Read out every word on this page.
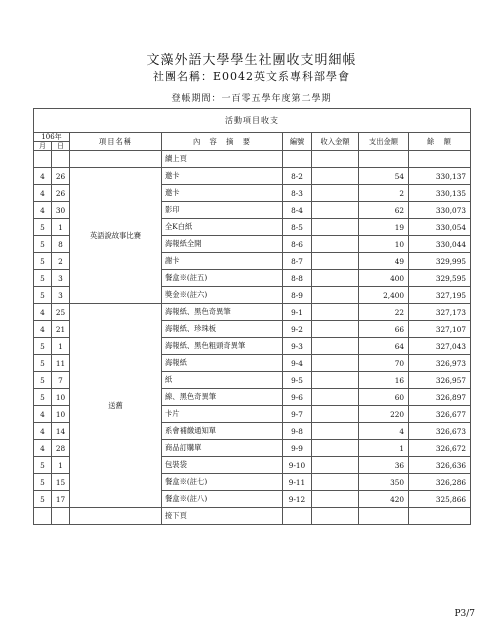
文藻外語大學學生社團收支明細帳
社團名稱：E0042英文系專科部學會
登帳期間：一百零五學年度第二學期
活動項目收支							
106年		項目名稱	內　容　摘　要	編號	收入金額	支出金額	餘　額
月	日						
			續上頁				
4	26	英語說故事比賽	邀卡	8-2		54	330,137
4	26		邀卡	8-3		2	330,135
4	30		影印	8-4		62	330,073
5	1		全K白紙	8-5		19	330,054
5	8		海報紙全開	8-6		10	330,044
5	2		謝卡	8-7		49	329,995
5	3		餐盒※(註五)	8-8		400	329,595
5	3		獎金※(註六)	8-9		2,400	327,195
4	25	送舊	海報紙、黑色奇異筆	9-1		22	327,173
4	21		海報紙、珍珠板	9-2		66	327,107
5	1		海報紙、黑色粗頭奇異筆	9-3		64	327,043
5	11		海報紙	9-4		70	326,973
5	7		紙	9-5		16	326,957
5	10		線、黑色奇異筆	9-6		60	326,897
4	10		卡片	9-7		220	326,677
4	14		系會補繳通知單	9-8		4	326,673
4	28		商品訂購單	9-9		1	326,672
5	1		包裝袋	9-10		36	326,636
5	15		餐盒※(註七)	9-11		350	326,286
5	17		餐盒※(註八)	9-12		420	325,866
			接下頁				
P3/7
